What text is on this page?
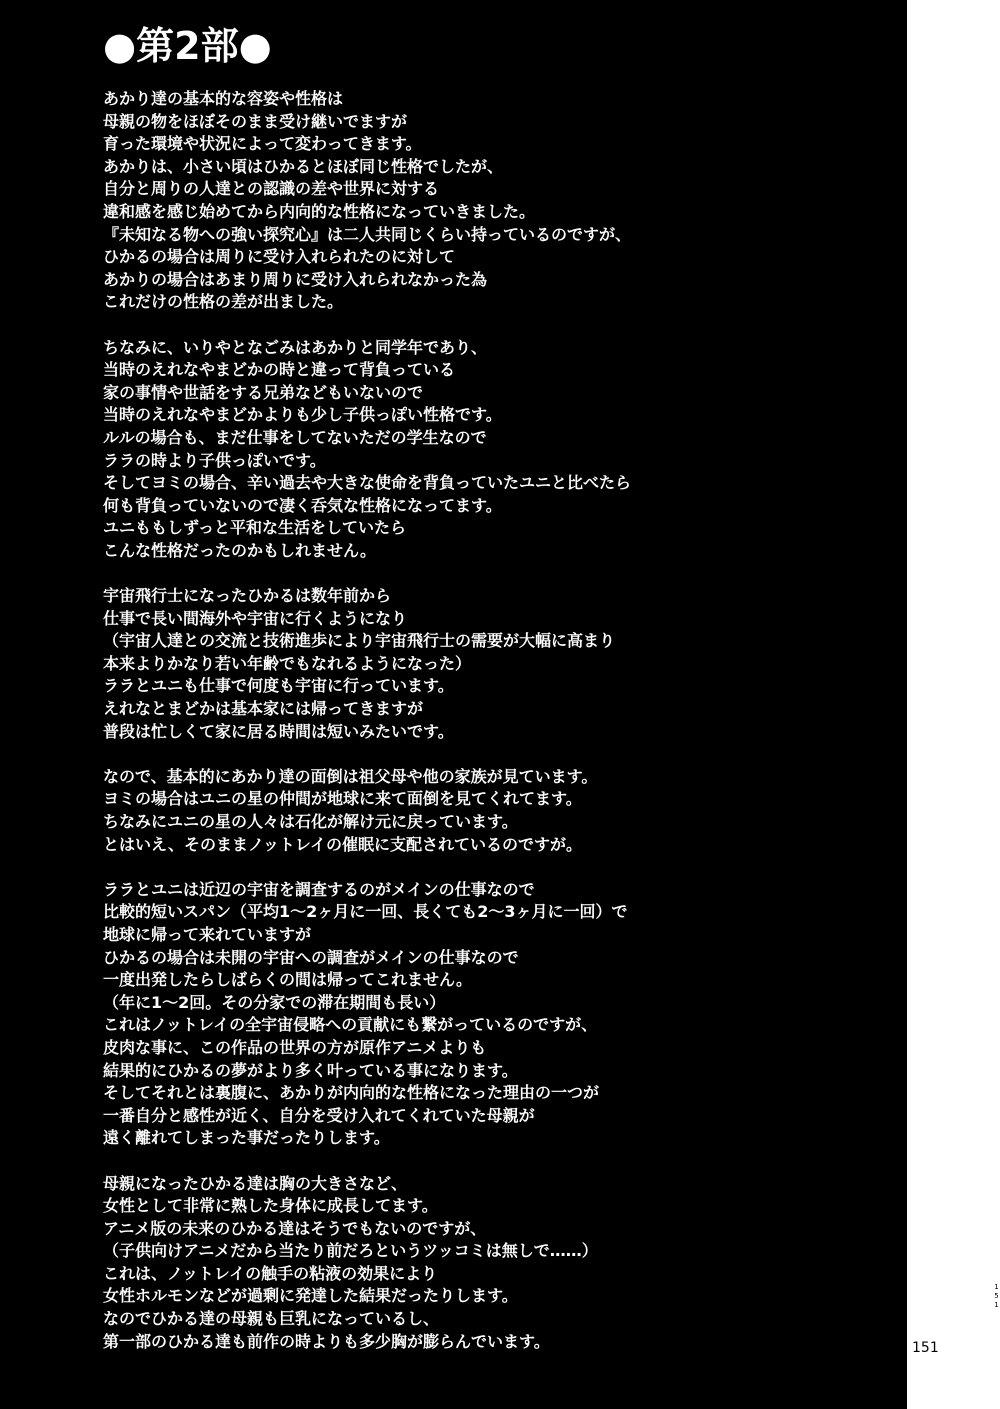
●第2部●
あかり達の基本的な容姿や性格は
母親の物をほぼそのまま受け継いでますが
育った環境や状況によって変わってきます。
あかりは、小さい頃はひかるとほぼ同じ性格でしたが、
自分と周りの人達との認識の差や世界に対する
違和感を感じ始めてから内向的な性格になっていきました。
『未知なる物への強い探究心』は二人共同じくらい持っているのですが、
ひかるの場合は周りに受け入れられたのに対して
あかりの場合はあまり周りに受け入れられなかった為
これだけの性格の差が出ました。
ちなみに、いりやとなごみはあかりと同学年であり、
当時のえれなやまどかの時と違って背負っている
家の事情や世話をする兄弟などもいないので
当時のえれなやまどかよりも少し子供っぽい性格です。
ルルの場合も、まだ仕事をしてないただの学生なので
ララの時より子供っぽいです。
そしてヨミの場合、辛い過去や大きな使命を背負っていたユニと比べたら
何も背負っていないので凄く呑気な性格になってます。
ユニももしずっと平和な生活をしていたら
こんな性格だったのかもしれません。
宇宙飛行士になったひかるは数年前から
仕事で長い間海外や宇宙に行くようになり
（宇宙人達との交流と技術進歩により宇宙飛行士の需要が大幅に高まり
本来よりかなり若い年齢でもなれるようになった）
ララとユニも仕事で何度も宇宙に行っています。
えれなとまどかは基本家には帰ってきますが
普段は忙しくて家に居る時間は短いみたいです。
なので、基本的にあかり達の面倒は祖父母や他の家族が見ています。
ヨミの場合はユニの星の仲間が地球に来て面倒を見てくれてます。
ちなみにユニの星の人々は石化が解け元に戻っています。
とはいえ、そのままノットレイの催眠に支配されているのですが。
ララとユニは近辺の宇宙を調査するのがメインの仕事なので
比較的短いスパン（平均1～2ヶ月に一回、長くても2～3ヶ月に一回）で
地球に帰って来れていますが
ひかるの場合は未開の宇宙への調査がメインの仕事なので
一度出発したらしばらくの間は帰ってこれません。
（年に1～2回。その分家での滞在期間も長い）
これはノットレイの全宇宙侵略への貢献にも繋がっているのですが、
皮肉な事に、この作品の世界の方が原作アニメよりも
結果的にひかるの夢がより多く叶っている事になります。
そしてそれとは裏腹に、あかりが内向的な性格になった理由の一つが
一番自分と感性が近く、自分を受け入れてくれていた母親が
遠く離れてしまった事だったりします。
母親になったひかる達は胸の大きさなど、
女性として非常に熟した身体に成長してます。
アニメ版の未来のひかる達はそうでもないのですが、
（子供向けアニメだから当たり前だろというツッコミは無しで……）
これは、ノットレイの触手の粘液の効果により
女性ホルモンなどが過剰に発達した結果だったりします。
なのでひかる達の母親も巨乳になっているし、
第一部のひかる達も前作の時よりも多少胸が膨らんでいます。
151
151
